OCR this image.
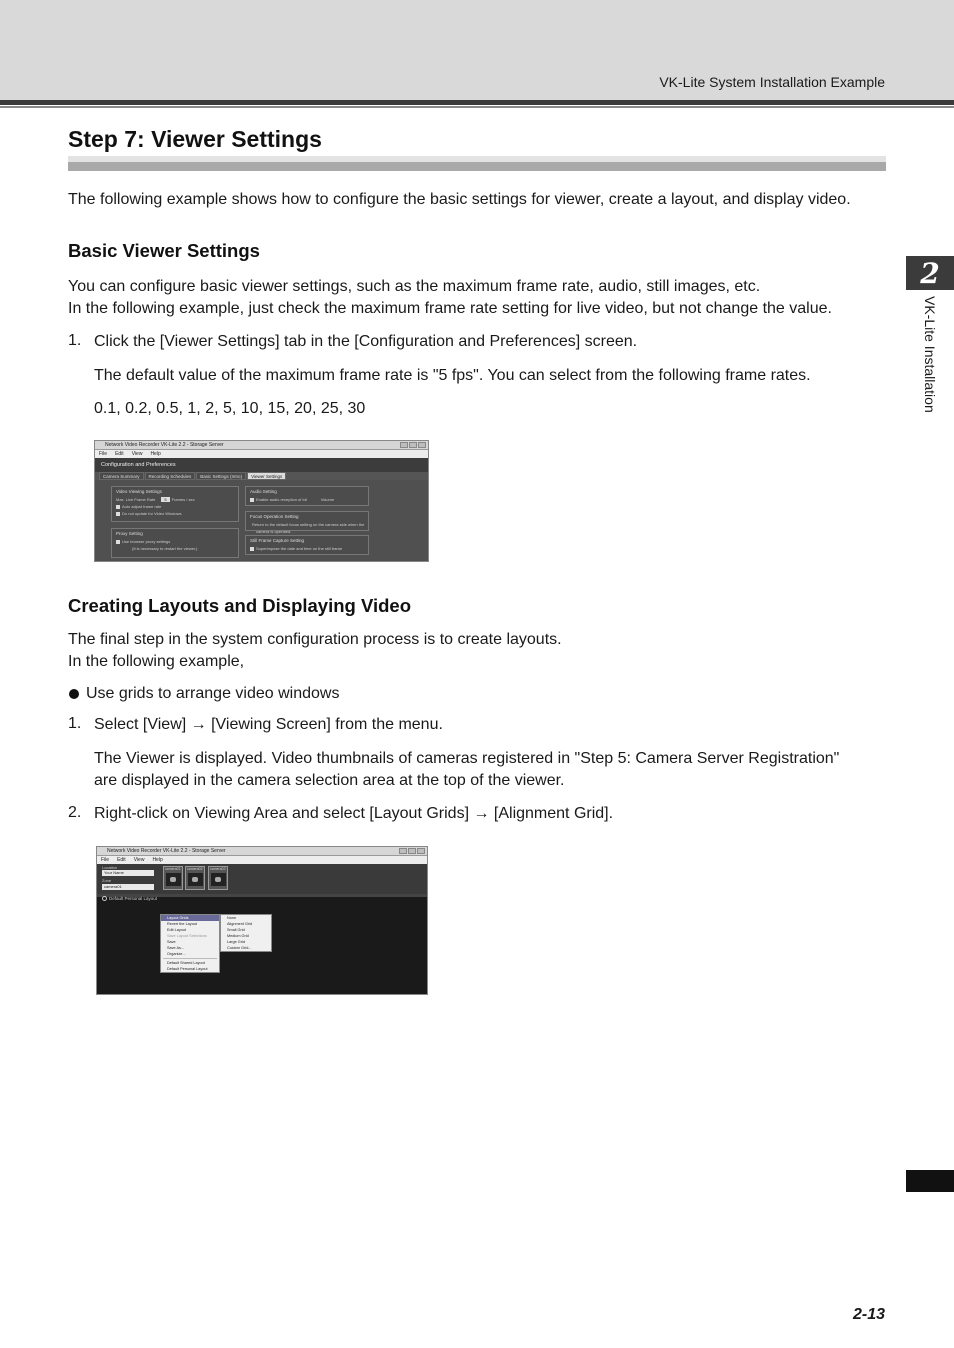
VK-Lite System Installation Example
Step 7: Viewer Settings
The following example shows how to configure the basic settings for viewer, create a layout, and display video.
Basic Viewer Settings
You can configure basic viewer settings, such as the maximum frame rate, audio, still images, etc.
In the following example, just check the maximum frame rate setting for live video, but not change the value.
1. Click the [Viewer Settings] tab in the [Configuration and Preferences] screen.
The default value of the maximum frame rate is "5 fps". You can select from the following frame rates.
0.1, 0.2, 0.5, 1, 2, 5, 10, 15, 20, 25, 30
Network Video Recorder VK-Lite 2.2 - Storage Server
File Edit View Help
Configuration and Preferences
Camera Summary	Recording Schedules	Basic Settings (Intro)	Viewer Settings
Video Viewing Settings
Max. Live Frame Rate	5	Frames / sec
Auto adjust frame rate
Do not update for Video Windows
Proxy Setting
Use browser proxy settings
(It is necessary to restart the viewer.)
Audio Setting
Enable audio reception of bit	Volume
Focus Operation Setting
Return to the default focus setting on the camera side when the
camera is operated.
Still Frame Capture Setting
Superimpose the date and time on the still frame
Creating Layouts and Displaying Video
The final step in the system configuration process is to create layouts.
In the following example,
Use grids to arrange video windows
1. Select [View] → [Viewing Screen] from the menu.
The Viewer is displayed. Video thumbnails of cameras registered in "Step 5: Camera Server Registration"
are displayed in the camera selection area at the top of the viewer.
2. Right-click on Viewing Area and select [Layout Grids] → [Alignment Grid].
Network Video Recorder VK-Lite 2.2 - Storage Server
File Edit View Help
Location
Your Name
Zone
camera01
camera01	camera02	camera03
Default Personal Layout
Layout Grids
Revert the Layout
Edit Layout
Save Layout Selections
Save
Save As...
Organize...
Default Shared Layout
Default Personal Layout
None
Alignment Grid
Small Grid
Medium Grid
Large Grid
Custom Grid...
2
VK-Lite Installation
2-13
